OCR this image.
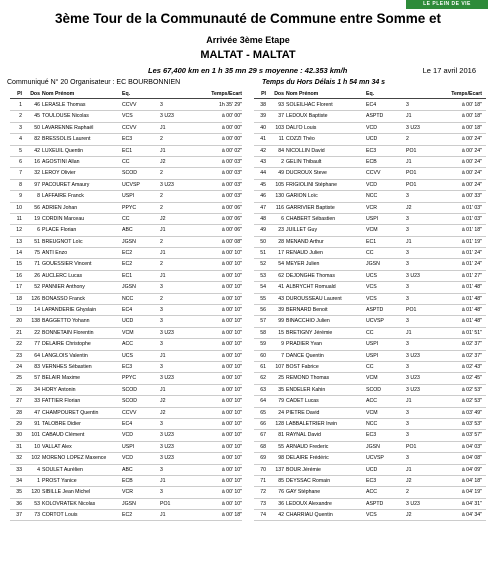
LE PLEIN DE VIE
3ème Tour de la Communauté de Commune entre Somme et
Arrivée 3ème Etape
MALTAT - MALTAT
Les 67,400 km en 1 h 35 mn 29 s moyenne : 42.353 km/h	Le 17 avril 2016
Communiqué N° 20 Organisateur : EC BOURBONNIEN	Temps du Hors Délais 1 h 54 mn 34 s
Pl	Dos Nom Prénom	Eq.	Temps/Ecart
1	46 LERASLE Thomas	CCVV	3	1h 35' 29"
2	45 TOULOUSE Nicolas	VCS	3 U23	à 00' 00"
3	50 LAVARENNE Raphaël	CCVV	J1	à 00' 00"
4	82 BRESSOLIS Laurent	EC3	2	à 00' 00"
5	42 LUXEUIL Quentin	EC1	J1	à 00' 02"
6	16 AGOSTINI Allan	CC	J2	à 00' 03"
7	32 LEROY Olivier	SCOD	2	à 00' 03"
8	97 PACOURET Amaury	UCVSP	3 U23	à 00' 03"
9	8 LAFFAIRE Franck	USPI	2	à 00' 03"
10	56 ADRIEN Johan	PPYC	2	à 00' 06"
11	19 CORDIN Marceau	CC	J2	à 00' 06"
12	6 PLACE Florian	ABC	J1	à 00' 06"
13	51 BREUGNOT Loïc	JGSN	2	à 00' 08"
14	75 ANTI Enzo	EC2	J1	à 00' 10"
15	71 GOUESSIER Vincent	EC2	2	à 00' 10"
16	26 AUCLERC Lucas	EC1	J1	à 00' 10"
17	52 PANNIER Anthony	JGSN	3	à 00' 10"
18	126 BONASSO Franck	NCC	2	à 00' 10"
19	14 LAPANDERIE Ghyslain	EC4	3	à 00' 10"
20	138 BAGGETTO Yohann	UCD	3	à 00' 10"
21	22 BONNETAIN Florentin	VCM	3 U23	à 00' 10"
22	77 DELAIRE Christophe	ACC	3	à 00' 10"
23	64 LANGLOIS Valentin	UCS	J1	à 00' 10"
24	83 VERNHES Sébastien	EC3	3	à 00' 10"
25	57 BELAIR Maxime	PPYC	3 U23	à 00' 10"
26	34 HORY Antonin	SCOD	J1	à 00' 10"
27	33 FATTIER Florian	SCOD	J2	à 00' 10"
28	47 CHAMPOURET Quentin	CCVV	J2	à 00' 10"
29	91 TALOBRE Didier	EC4	3	à 00' 10"
30	101 CABAUD Clément	VCD	3 U23	à 00' 10"
31	10 VALLAT Alex	USPI	3 U23	à 00' 10"
32	102 MORENO LOPEZ Maxence	VCD	3 U23	à 00' 10"
33	4 SOULET Aurélien	ABC	3	à 00' 10"
34	1 PROST Yanice	ECB	J1	à 00' 10"
35	120 SIBILLE Jean Michel	VCR	3	à 00' 10"
36	53 KOLOVRATEK Nicolas	JGSN	PO1	à 00' 10"
37	73 CORTOT Louis	EC2	J1	à 00' 18"
Pl	Dos Nom Prénom	Eq.	Temps/Ecart
38	93 SOLEILHAC Florent	EC4	3	à 00' 18"
39	37 LEDOUX Baptiste	ASPTD	J1	à 00' 18"
40	103 DALI'O Louis	VCD	3 U23	à 00' 18"
41	11 COZZI Théo	UCD	2	à 00' 24"
42	84 NICOLLIN David	EC3	PO1	à 00' 24"
43	2 GELIN Thibault	ECB	J1	à 00' 24"
44	49 DUCROUX Steve	CCVV	PO1	à 00' 24"
45	105 FRIGIOLINI Stéphane	VCD	PO1	à 00' 24"
46	130 GARION Loïc	NCC	3	à 00' 33"
47	116 GARRIVIER Baptiste	VCR	J2	à 01' 03"
48	6 CHABERT Sébastien	USPI	3	à 01' 03"
49	23 JUILLET Guy	VCM	3	à 01' 18"
50	28 MENAND Arthur	EC1	J1	à 01' 19"
51	17 RENAUD Julien	CC	3	à 01' 24"
52	54 MEYER Julien	JGSN	3	à 01' 24"
53	62 DEJONGHE Thomas	UCS	3 U23	à 01' 27"
54	41 ALBRYCHT Romuald	VCS	3	à 01' 48"
55	43 DUROUSSEAU Laurent	VCS	3	à 01' 48"
56	39 BERNARD Benoit	ASPTD	PO1	à 01' 48"
57	99 BINACCHIO Julien	UCVSP	3	à 01' 48"
58	15 BRETIGNY Jérémie	CC	J1	à 01' 51"
59	9 PRADIER Yvan	USPI	3	à 02' 37"
60	7 DANCE Quentin	USPI	3 U23	à 02' 37"
61	107 BOST Fabrice	CC	3	à 02' 43"
62	25 REMOND Thomas	VCM	3 U23	à 02' 45"
63	35 ENDELER Kahin	SCOD	3 U23	à 02' 53"
64	79 CADET Lucas	ACC	J1	à 02' 53"
65	24 PIETRE David	VCM	3	à 03' 49"
66	128 LABBALETRIER Irwin	NCC	3	à 03' 53"
67	81 RAYNAL David	EC3	3	à 03' 57"
68	55 ARNAUD Frederic	JGSN	PO1	à 04' 03"
69	98 DELAIRE Frédéric	UCVSP	3	à 04' 08"
70	137 BOUR Jérémie	UCD	J1	à 04' 09"
71	85 DEYSSAC Romain	EC3	J2	à 04' 18"
72	76 GAY Stéphane	ACC	2	à 04' 19"
73	36 LEDOUX Alexandre	ASPTD	3 U23	à 04' 31"
74	42 CHARRIAU Quentin	VCS	J2	à 04' 34"
